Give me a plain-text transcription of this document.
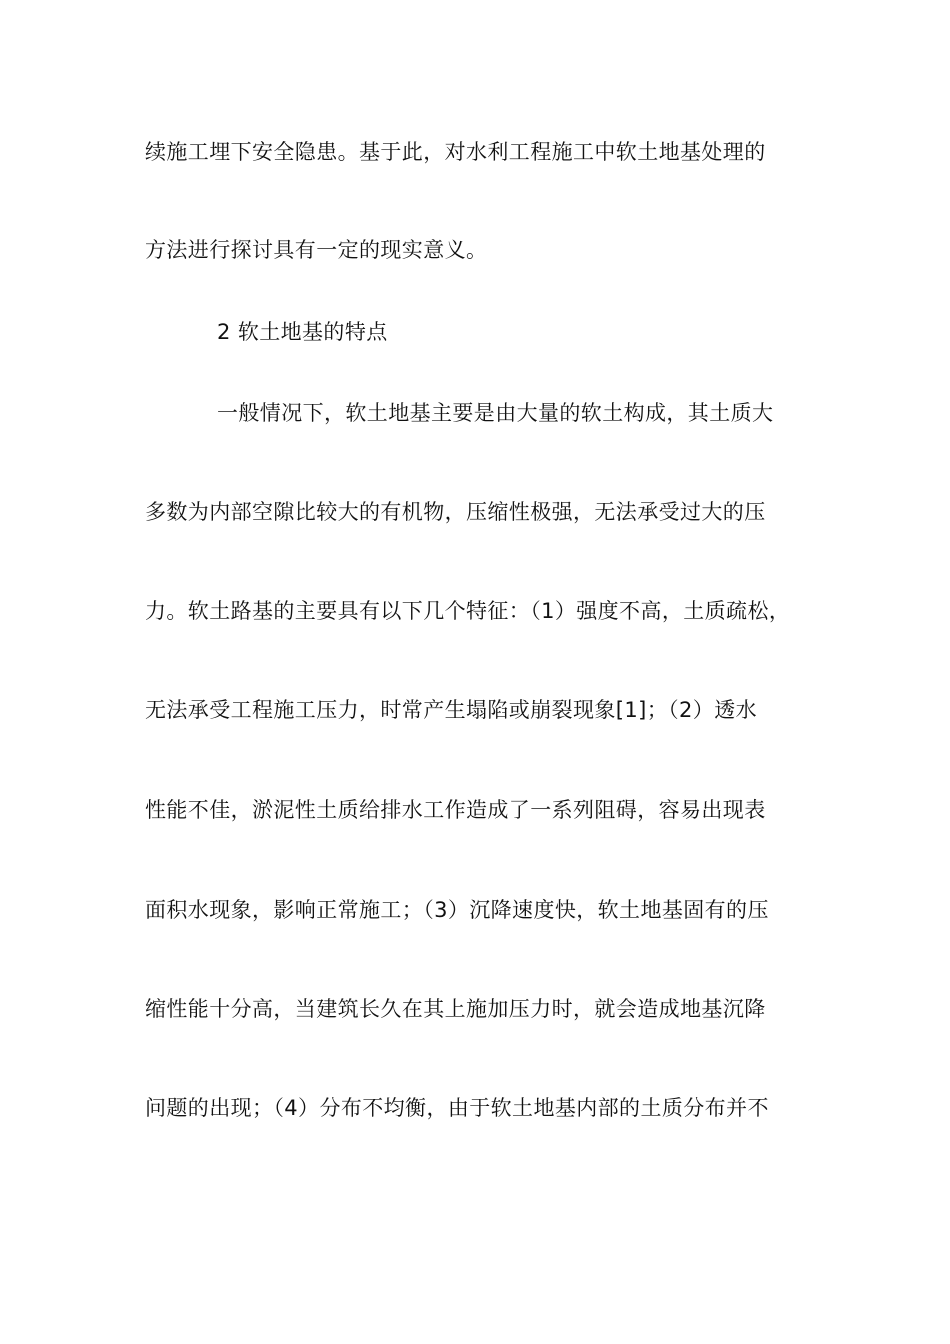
续施工埋下安全隐患。基于此，对水利工程施工中软土地基处理的
方法进行探讨具有一定的现实意义。
2 软土地基的特点
一般情况下，软土地基主要是由大量的软土构成，其土质大
多数为内部空隙比较大的有机物，压缩性极强，无法承受过大的压
力。软土路基的主要具有以下几个特征：（1）强度不高，土质疏松，
无法承受工程施工压力，时常产生塌陷或崩裂现象[1]；（2）透水
性能不佳，淤泥性土质给排水工作造成了一系列阻碍，容易出现表
面积水现象，影响正常施工；（3）沉降速度快，软土地基固有的压
缩性能十分高，当建筑长久在其上施加压力时，就会造成地基沉降
问题的出现；（4）分布不均衡，由于软土地基内部的土质分布并不
